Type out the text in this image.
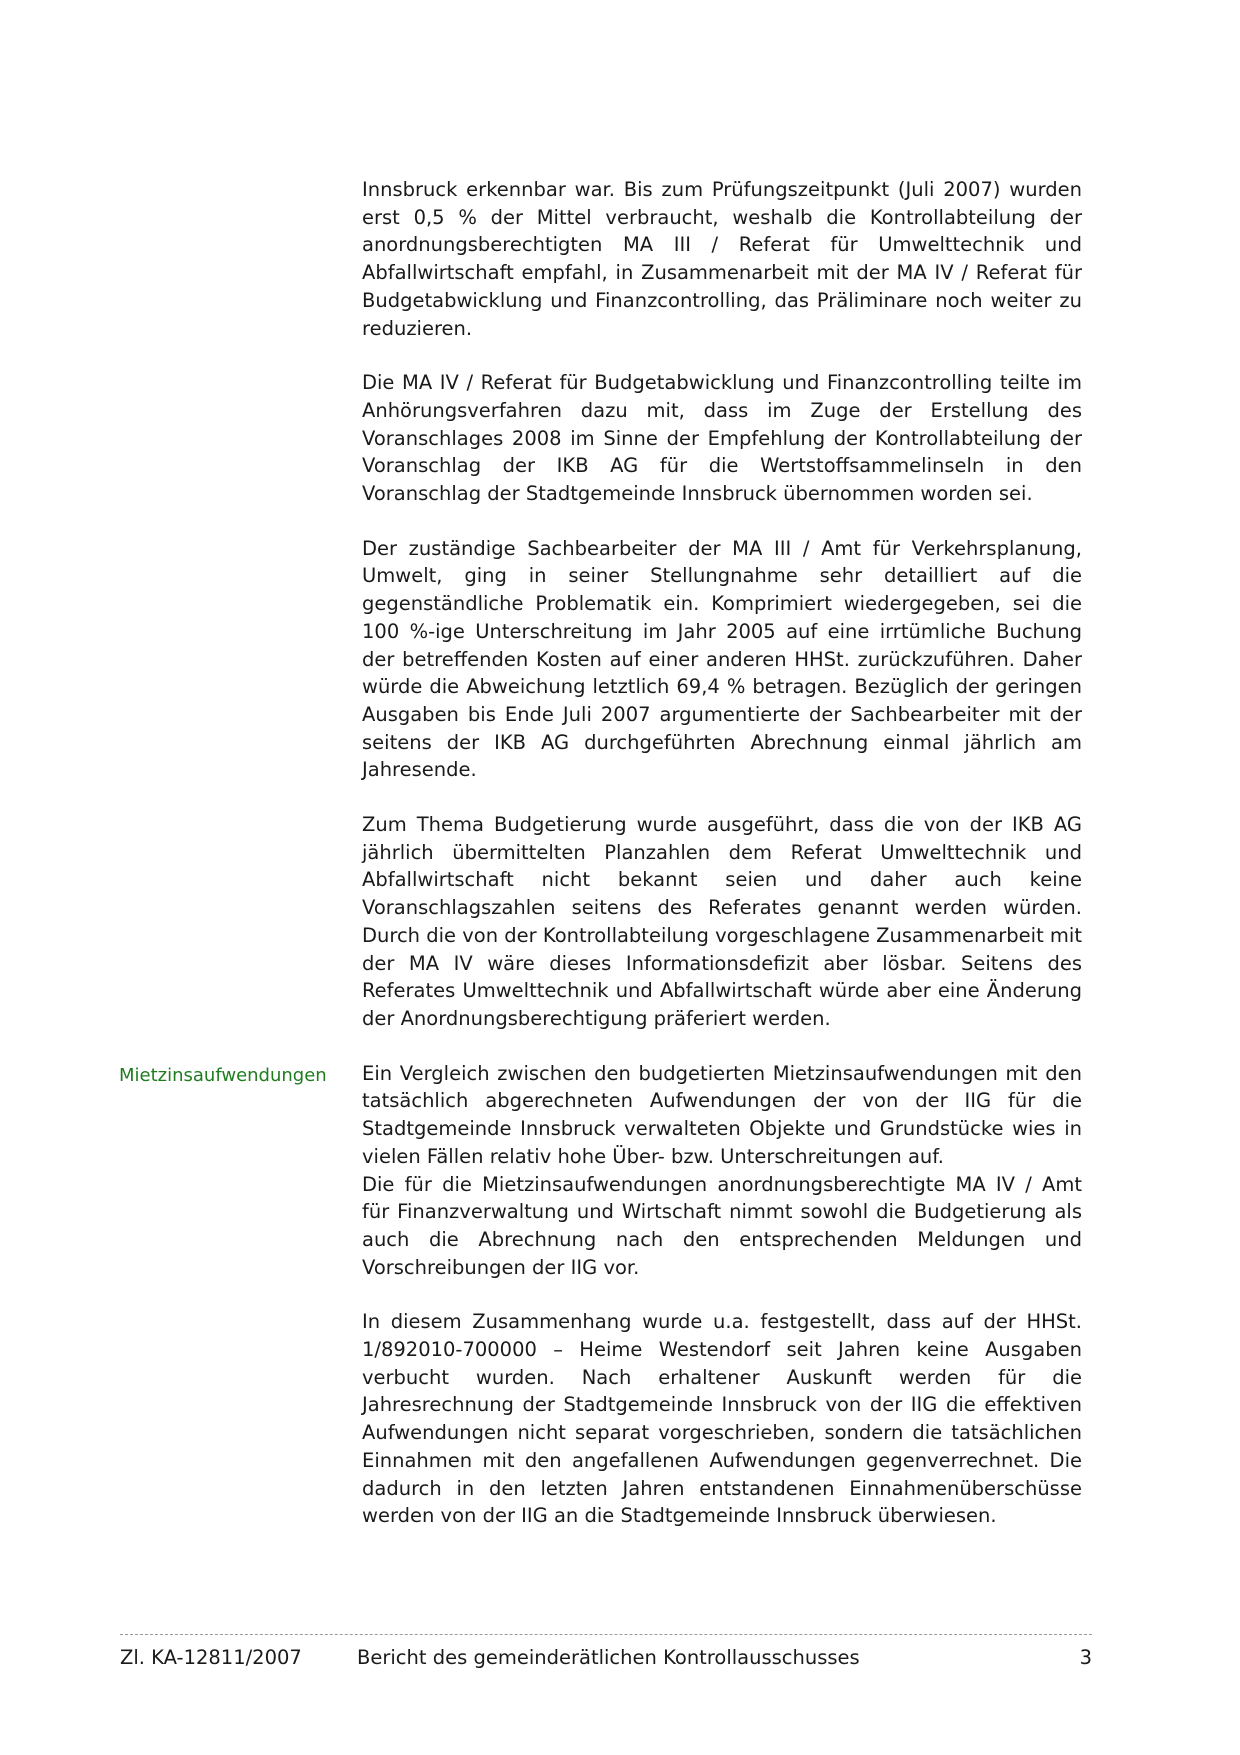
Innsbruck erkennbar war. Bis zum Prüfungszeitpunkt (Juli 2007) wurden erst 0,5 % der Mittel verbraucht, weshalb die Kontrollabteilung der anordnungsberechtigten MA III / Referat für Umwelttechnik und Abfallwirtschaft empfahl, in Zusammenarbeit mit der MA IV / Referat für Budgetabwicklung und Finanzcontrolling, das Präliminare noch weiter zu reduzieren.

Die MA IV / Referat für Budgetabwicklung und Finanzcontrolling teilte im Anhörungsverfahren dazu mit, dass im Zuge der Erstellung des Voranschlages 2008 im Sinne der Empfehlung der Kontrollabteilung der Voranschlag der IKB AG für die Wertstoffsammelinseln in den Voranschlag der Stadtgemeinde Innsbruck übernommen worden sei.

Der zuständige Sachbearbeiter der MA III / Amt für Verkehrsplanung, Umwelt, ging in seiner Stellungnahme sehr detailliert auf die gegenständliche Problematik ein. Komprimiert wiedergegeben, sei die 100 %-ige Unterschreitung im Jahr 2005 auf eine irrtümliche Buchung der betreffenden Kosten auf einer anderen HHSt. zurückzuführen. Daher würde die Abweichung letztlich 69,4 % betragen. Bezüglich der geringen Ausgaben bis Ende Juli 2007 argumentierte der Sachbearbeiter mit der seitens der IKB AG durchgeführten Abrechnung einmal jährlich am Jahresende.

Zum Thema Budgetierung wurde ausgeführt, dass die von der IKB AG jährlich übermittelten Planzahlen dem Referat Umwelttechnik und Abfallwirtschaft nicht bekannt seien und daher auch keine Voranschlagszahlen seitens des Referates genannt werden würden. Durch die von der Kontrollabteilung vorgeschlagene Zusammenarbeit mit der MA IV wäre dieses Informationsdefizit aber lösbar. Seitens des Referates Umwelttechnik und Abfallwirtschaft würde aber eine Änderung der Anordnungsberechtigung präferiert werden.

Mietzinsaufwendungen Ein Vergleich zwischen den budgetierten Mietzinsaufwendungen mit den tatsächlich abgerechneten Aufwendungen der von der IIG für die Stadtgemeinde Innsbruck verwalteten Objekte und Grundstücke wies in vielen Fällen relativ hohe Über- bzw. Unterschreitungen auf.

Die für die Mietzinsaufwendungen anordnungsberechtigte MA IV / Amt für Finanzverwaltung und Wirtschaft nimmt sowohl die Budgetierung als auch die Abrechnung nach den entsprechenden Meldungen und Vorschreibungen der IIG vor.

In diesem Zusammenhang wurde u.a. festgestellt, dass auf der HHSt. 1/892010-700000 – Heime Westendorf seit Jahren keine Ausgaben verbucht wurden. Nach erhaltener Auskunft werden für die Jahresrechnung der Stadtgemeinde Innsbruck von der IIG die effektiven Aufwendungen nicht separat vorgeschrieben, sondern die tatsächlichen Einnahmen mit den angefallenen Aufwendungen gegenverrechnet. Die dadurch in den letzten Jahren entstandenen Einnahmenüberschüsse werden von der IIG an die Stadtgemeinde Innsbruck überwiesen.

Zl. KA-12811/2007	Bericht des gemeinderätlichen Kontrollausschusses	3
